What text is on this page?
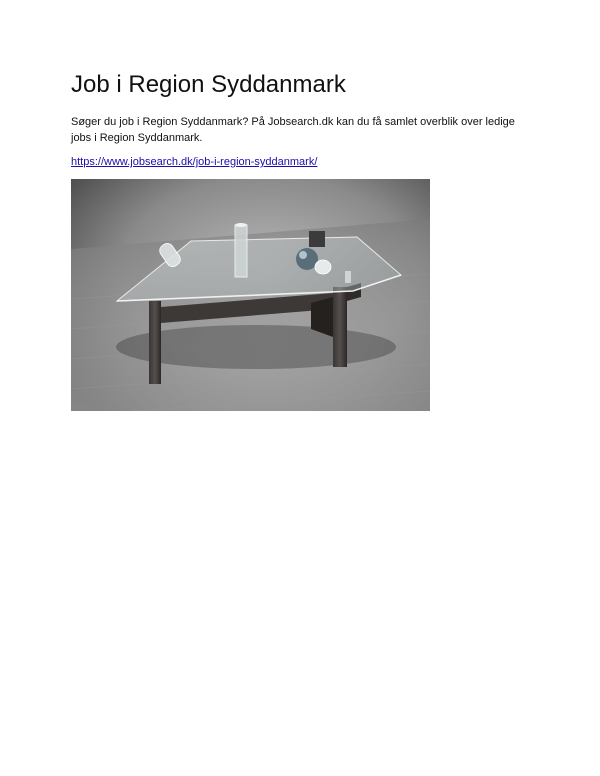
Job i Region Syddanmark

Søger du job i Region Syddanmark? På Jobsearch.dk kan du få samlet overblik over ledige jobs i Region Syddanmark.

https://www.jobsearch.dk/job-i-region-syddanmark/
